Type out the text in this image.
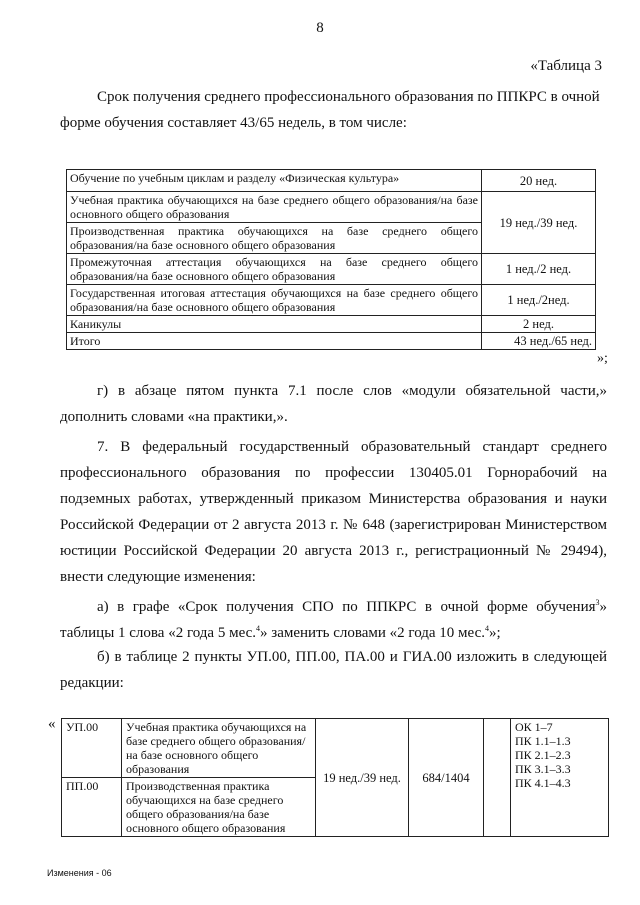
8
«Таблица 3
Срок получения среднего профессионального образования по ППКРС в очной
форме обучения составляет 43/65 недель, в том числе:
Обучение по учебным циклам и разделу «Физическая культура»	20 нед.
Учебная практика обучающихся на базе среднего общего образования/на базе основного общего образования	19 нед./39 нед.
Производственная практика обучающихся на базе среднего общего образования/на базе основного общего образования	
Промежуточная аттестация обучающихся на базе среднего общего образования/на базе основного общего образования	1 нед./2 нед.
Государственная итоговая аттестация обучающихся на базе среднего общего образования/на базе основного общего образования	1 нед./2нед.
Каникулы	2 нед.
Итого	43 нед./65 нед.
»;
г) в абзаце пятом пункта 7.1 после слов «модули обязательной части,» дополнить словами «на практики,».
7. В федеральный государственный образовательный стандарт среднего профессионального образования по профессии 130405.01 Горнорабочий на подземных работах, утвержденный приказом Министерства образования и науки Российской Федерации от 2 августа 2013 г. № 648 (зарегистрирован Министерством юстиции Российской Федерации 20 августа 2013 г., регистрационный № 29494), внести следующие изменения:
а) в графе «Срок получения СПО по ППКРС в очной форме обучения$^3$» таблицы 1 слова «2 года 5 мес.$^4$» заменить словами «2 года 10 мес.$^4$»;
б) в таблице 2 пункты УП.00, ПП.00, ПА.00 и ГИА.00 изложить в следующей редакции:
« УП.00	Учебная практика обучающихся на базе среднего общего образования/на базе основного общего образования	19 нед./39 нед.	684/1404		ОК 1–7
ПК 1.1–1.3
ПК 2.1–2.3
ПК 3.1–3.3
ПК 4.1–4.3

ПП.00	Производственная практика обучающихся на базе среднего общего образования/на базе основного общего образования				
Изменения - 06
